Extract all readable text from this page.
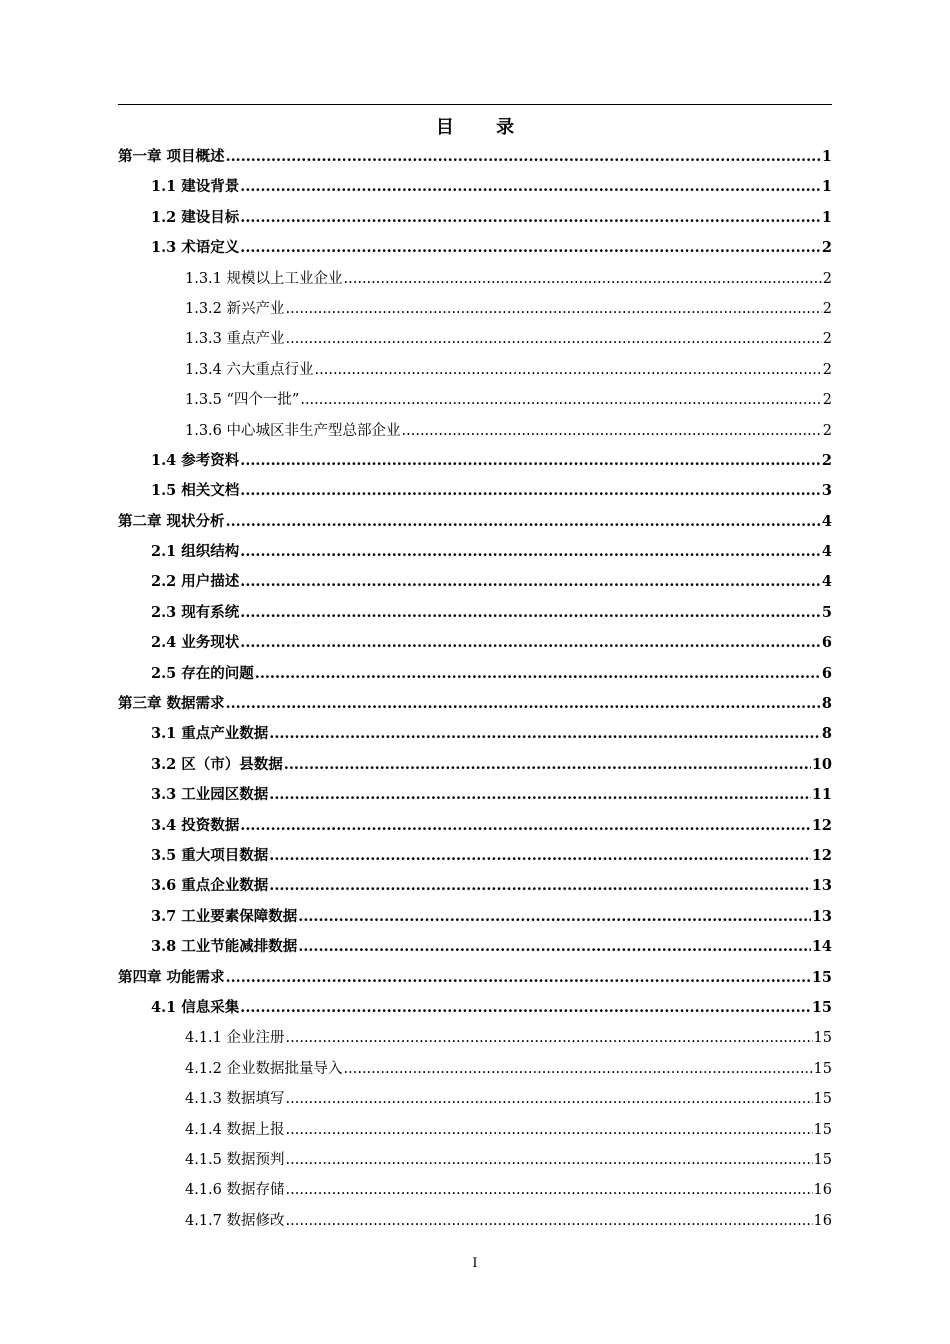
目 录
第一章 项目概述 .....	1
1.1 建设背景 .....	1
1.2 建设目标 .....	1
1.3 术语定义 .....	2
1.3.1 规模以上工业企业 .....	2
1.3.2 新兴产业 .....	2
1.3.3 重点产业 .....	2
1.3.4 六大重点行业 .....	2
1.3.5 “四个一批” .....	2
1.3.6 中心城区非生产型总部企业 .....	2
1.4 参考资料 .....	2
1.5 相关文档 .....	3
第二章 现状分析 .....	4
2.1 组织结构 .....	4
2.2 用户描述 .....	4
2.3 现有系统 .....	5
2.4 业务现状 .....	6
2.5 存在的问题 .....	6
第三章 数据需求 .....	8
3.1 重点产业数据 .....	8
3.2 区（市）县数据 .....	10
3.3 工业园区数据 .....	11
3.4 投资数据 .....	12
3.5 重大项目数据 .....	12
3.6 重点企业数据 .....	13
3.7 工业要素保障数据 .....	13
3.8 工业节能减排数据 .....	14
第四章 功能需求 .....	15
4.1 信息采集 .....	15
4.1.1 企业注册 .....	15
4.1.2 企业数据批量导入 .....	15
4.1.3 数据填写 .....	15
4.1.4 数据上报 .....	15
4.1.5 数据预判 .....	15
4.1.6 数据存储 .....	16
4.1.7 数据修改 .....	16
I
